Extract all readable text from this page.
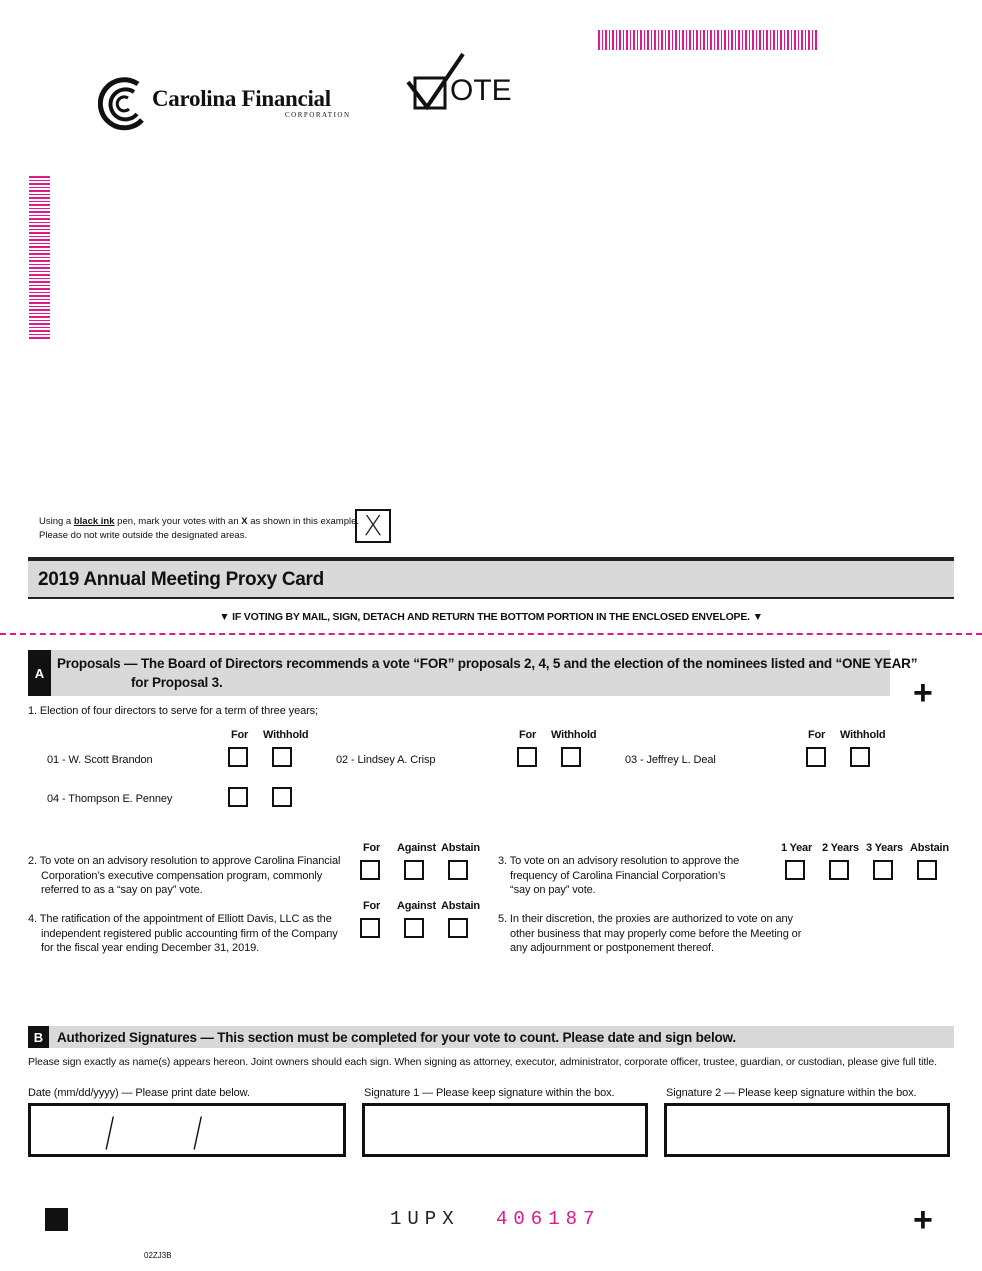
Carolina Financial
CORPORATION
OTE
Using a black ink pen, mark your votes with an X as shown in this example.
Please do not write outside the designated areas.	X
2019 Annual Meeting Proxy Card
▼ IF VOTING BY MAIL, SIGN, DETACH AND RETURN THE BOTTOM PORTION IN THE ENCLOSED ENVELOPE. ▼
A
Proposals — The Board of Directors recommends a vote “FOR” proposals 2, 4, 5 and the election of the nominees listed and “ONE YEAR”
for Proposal 3.	+
1. Election of four directors to serve for a term of three years;
For Withhold	For Withhold	For Withhold
01 - W. Scott Brandon	02 - Lindsey A. Crisp	03 - Jeffrey L. Deal
04 - Thompson E. Penney
For Against Abstain
2. To vote on an advisory resolution to approve Carolina Financial
Corporation’s executive compensation program, commonly
referred to as a “say on pay” vote.
1 Year 2 Years 3 Years Abstain
3. To vote on an advisory resolution to approve the
frequency of Carolina Financial Corporation’s
“say on pay” vote.
For Against Abstain
4. The ratification of the appointment of Elliott Davis, LLC as the
independent registered public accounting firm of the Company
for the fiscal year ending December 31, 2019.
5. In their discretion, the proxies are authorized to vote on any
other business that may properly come before the Meeting or
any adjournment or postponement thereof.
B	Authorized Signatures — This section must be completed for your vote to count. Please date and sign below.
Please sign exactly as name(s) appears hereon. Joint owners should each sign. When signing as attorney, executor, administrator, corporate officer, trustee, guardian, or custodian, please give full title.
Date (mm/dd/yyyy) — Please print date below.	Signature 1 — Please keep signature within the box.	Signature 2 — Please keep signature within the box.
/ /
1UPX 406187	+
02ZJ3B
